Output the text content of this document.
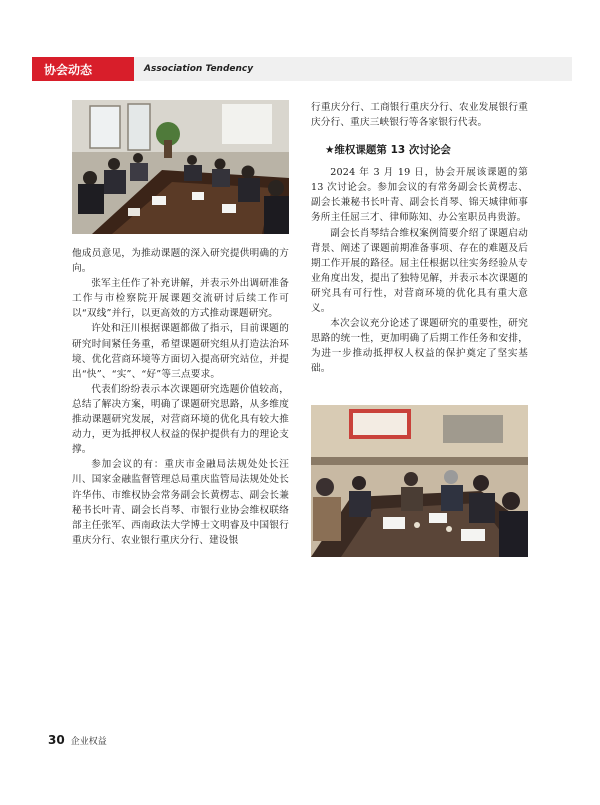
协会动态	Association Tendency

他成员意见，为推动课题的深入研究提供明确的方向。

张军主任作了补充讲解，并表示外出调研准备工作与市检察院开展课题交流研讨后续工作可以“双线”并行，以更高效的方式推动课题研究。

许处和汪川根据课题都做了指示，目前课题的研究时间紧任务重，希望课题研究组从打造法治环境、优化营商环境等方面切入提高研究站位，并提出“快”、“实”、“好”等三点要求。

代表们纷纷表示本次课题研究选题价值较高，总结了解决方案，明确了课题研究思路，从多维度推动课题研究发展，对营商环境的优化具有较大推动力，更为抵押权人权益的保护提供有力的理论支撑。

参加会议的有：重庆市金融局法规处处长汪川、国家金融监督管理总局重庆监管局法规处处长许华伟、市维权协会常务副会长黄楞志、副会长兼秘书长叶青、副会长肖琴、市银行业协会维权联络部主任张军、西南政法大学博士文明睿及中国银行重庆分行、农业银行重庆分行、建设银

行重庆分行、工商银行重庆分行、农业发展银行重庆分行、重庆三峡银行等各家银行代表。

★维权课题第 13 次讨论会

2024 年 3 月 19 日，协会开展该课题的第 13 次讨论会。参加会议的有常务副会长黄楞志、副会长兼秘书长叶青、副会长肖琴、锦天城律师事务所主任屈三才、律师陈知、办公室职员冉贵游。

副会长肖琴结合维权案例简要介绍了课题启动背景、阐述了课题前期准备事项、存在的难题及后期工作开展的路径。屈主任根据以往实务经验从专业角度出发，提出了独特见解，并表示本次课题的研究具有可行性，对营商环境的优化具有重大意义。

本次会议充分论述了课题研究的重要性，研究思路的统一性，更加明确了后期工作任务和安排，为进一步推动抵押权人权益的保护奠定了坚实基础。

30 企业权益
